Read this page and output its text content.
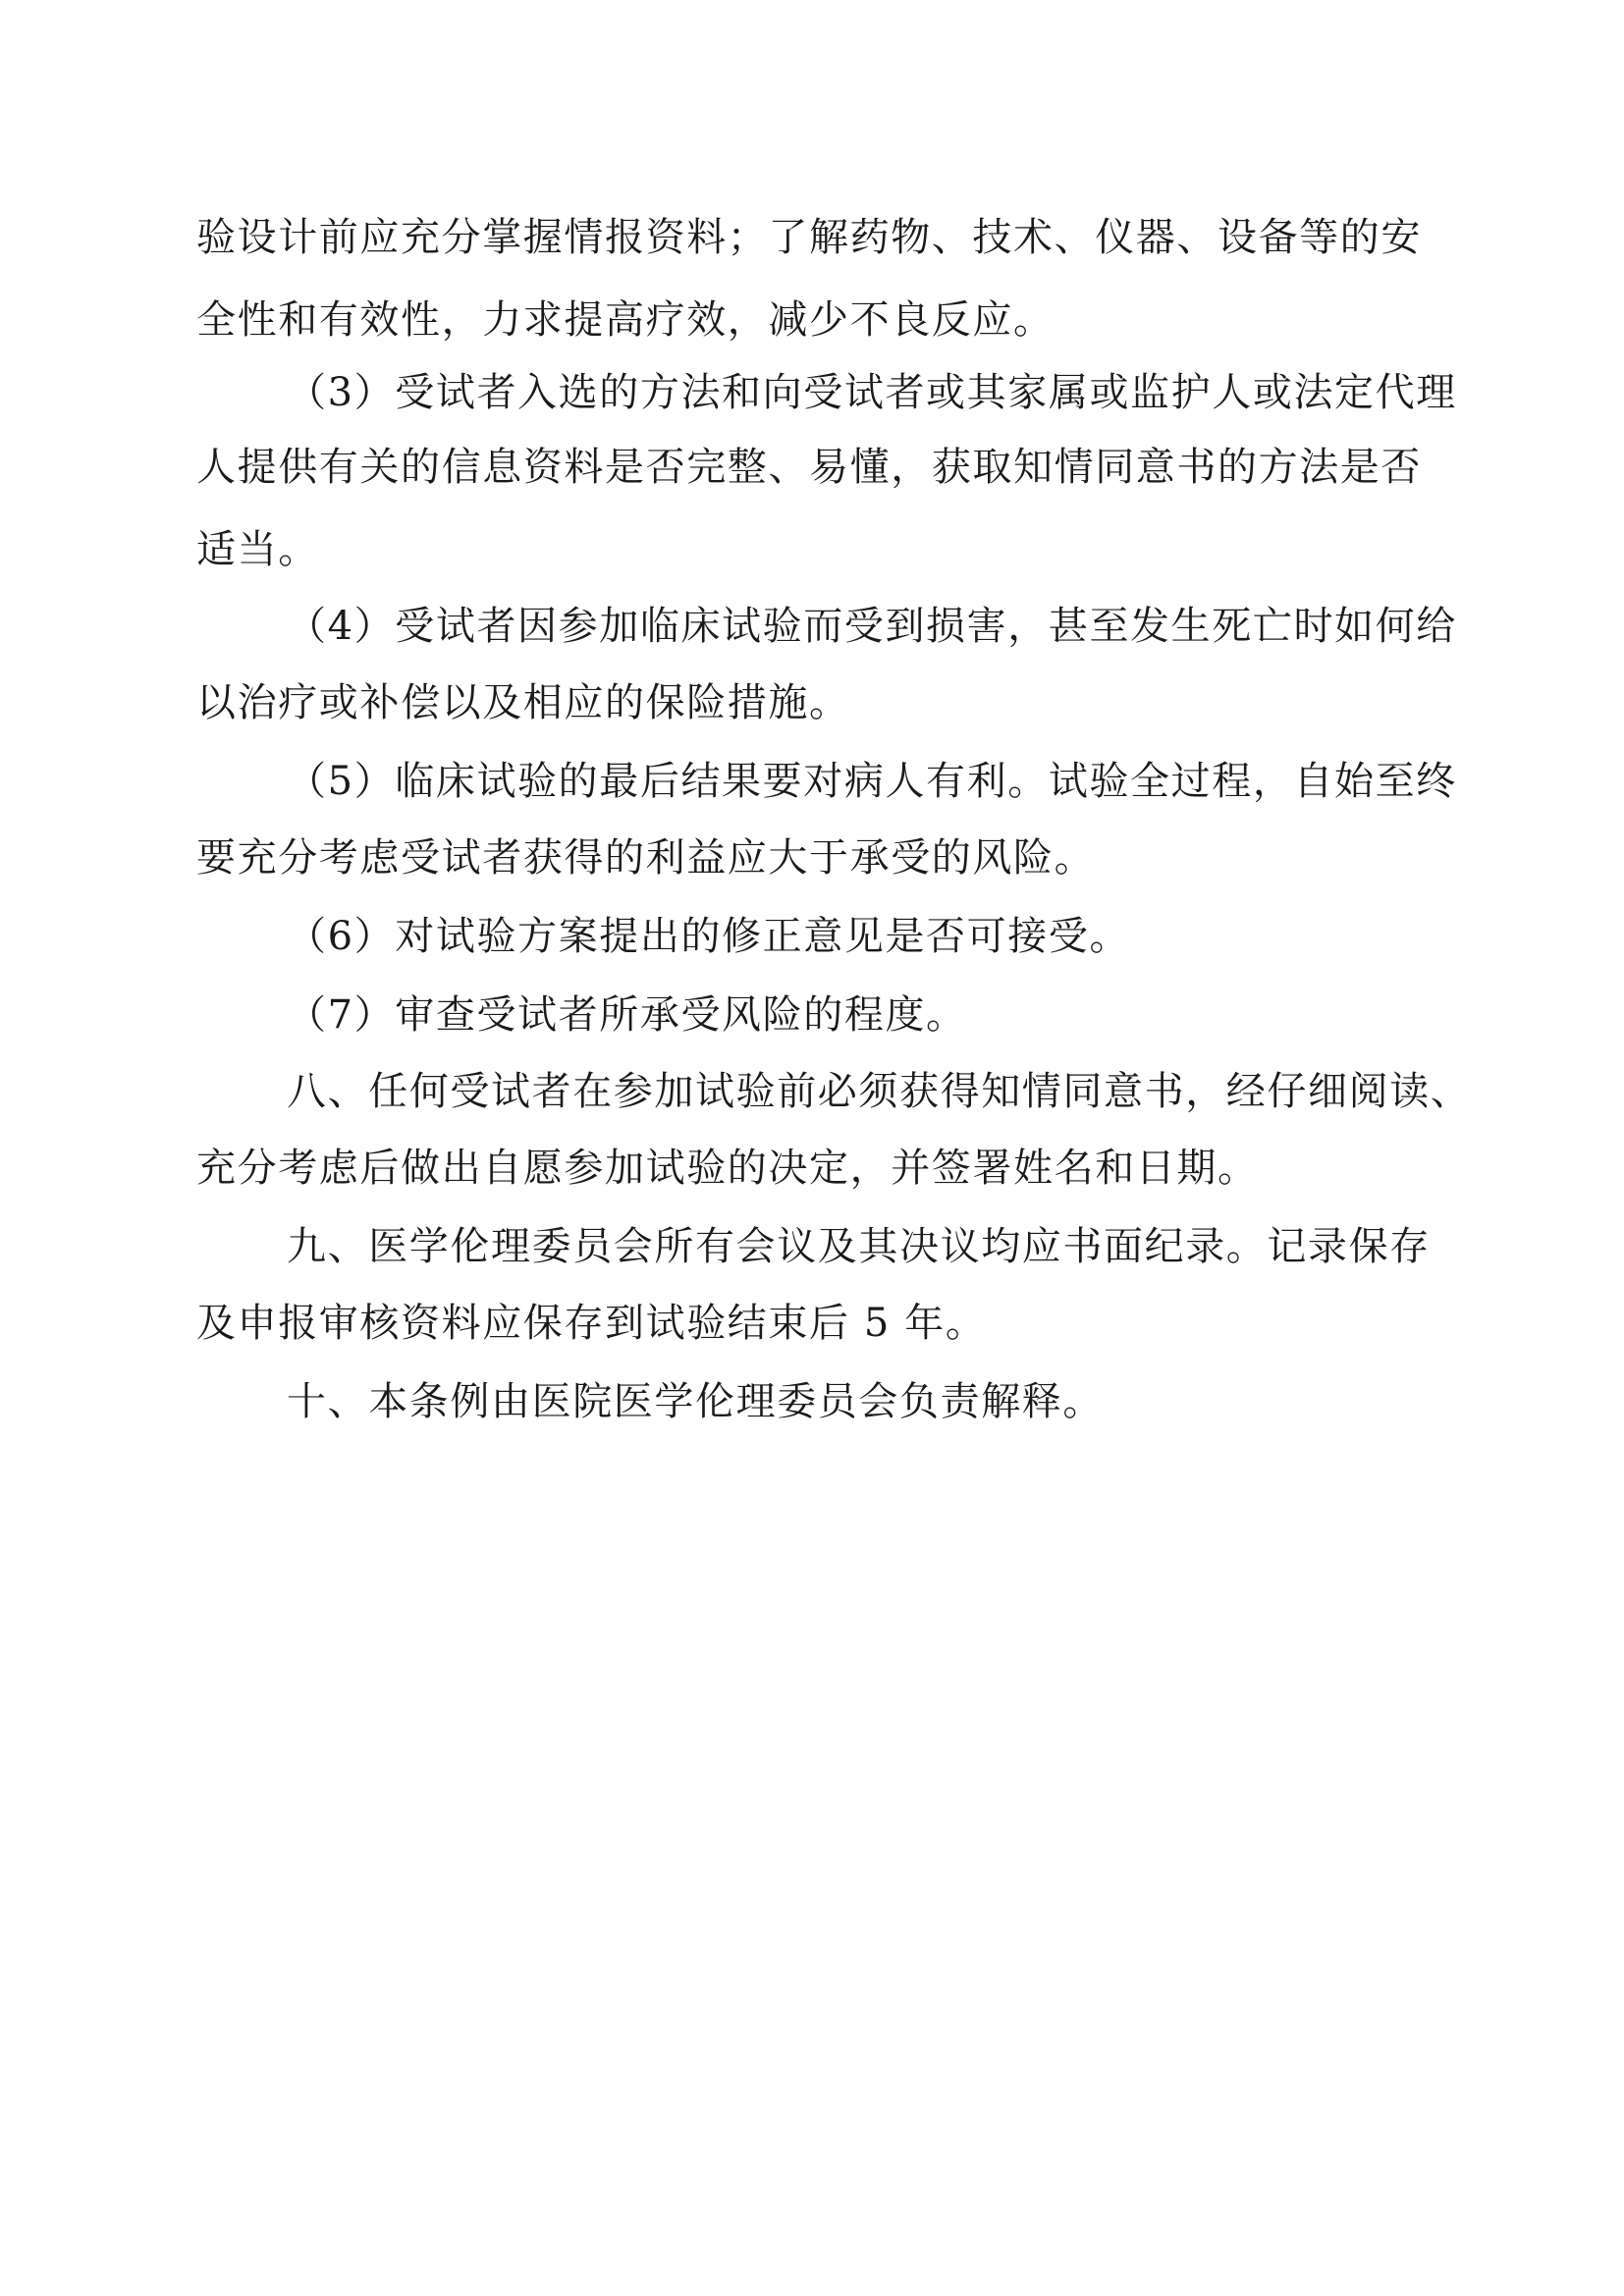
验设计前应充分掌握情报资料；了解药物、技术、仪器、设备等的安
全性和有效性，力求提高疗效，减少不良反应。
（3）受试者入选的方法和向受试者或其家属或监护人或法定代理
人提供有关的信息资料是否完整、易懂，获取知情同意书的方法是否
适当。
（4）受试者因参加临床试验而受到损害，甚至发生死亡时如何给
以治疗或补偿以及相应的保险措施。
（5）临床试验的最后结果要对病人有利。试验全过程，自始至终
要充分考虑受试者获得的利益应大于承受的风险。
（6）对试验方案提出的修正意见是否可接受。
（7）审查受试者所承受风险的程度。
八、任何受试者在参加试验前必须获得知情同意书，经仔细阅读、
充分考虑后做出自愿参加试验的决定，并签署姓名和日期。
九、医学伦理委员会所有会议及其决议均应书面纪录。记录保存
及申报审核资料应保存到试验结束后 5 年。
十、本条例由医院医学伦理委员会负责解释。
